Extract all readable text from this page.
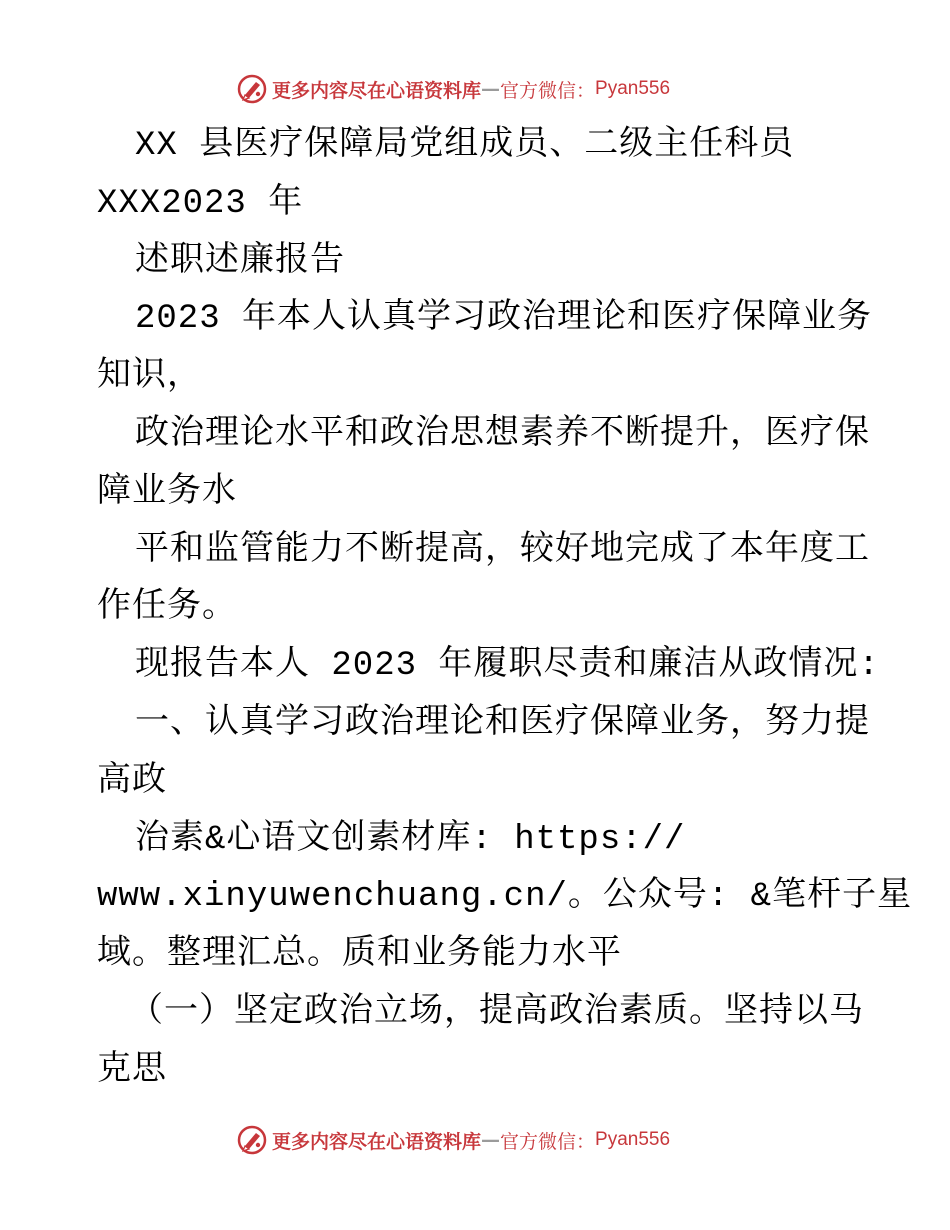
更多内容尽在心语资料库 — 官方微信： Pyan556
XX 县医疗保障局党组成员、二级主任科员
XXX2023 年
述职述廉报告
2023 年本人认真学习政治理论和医疗保障业务
知识，
政治理论水平和政治思想素养不断提升，医疗保
障业务水
平和监管能力不断提高，较好地完成了本年度工
作任务。
现报告本人 2023 年履职尽责和廉洁从政情况:
一、认真学习政治理论和医疗保障业务，努力提
高政
治素&心语文创素材库: https://
www.xinyuwenchuang.cn/。公众号: &笔杆子星
域。整理汇总。质和业务能力水平
（一）坚定政治立场，提高政治素质。坚持以马
克思
更多内容尽在心语资料库 — 官方微信： Pyan556
